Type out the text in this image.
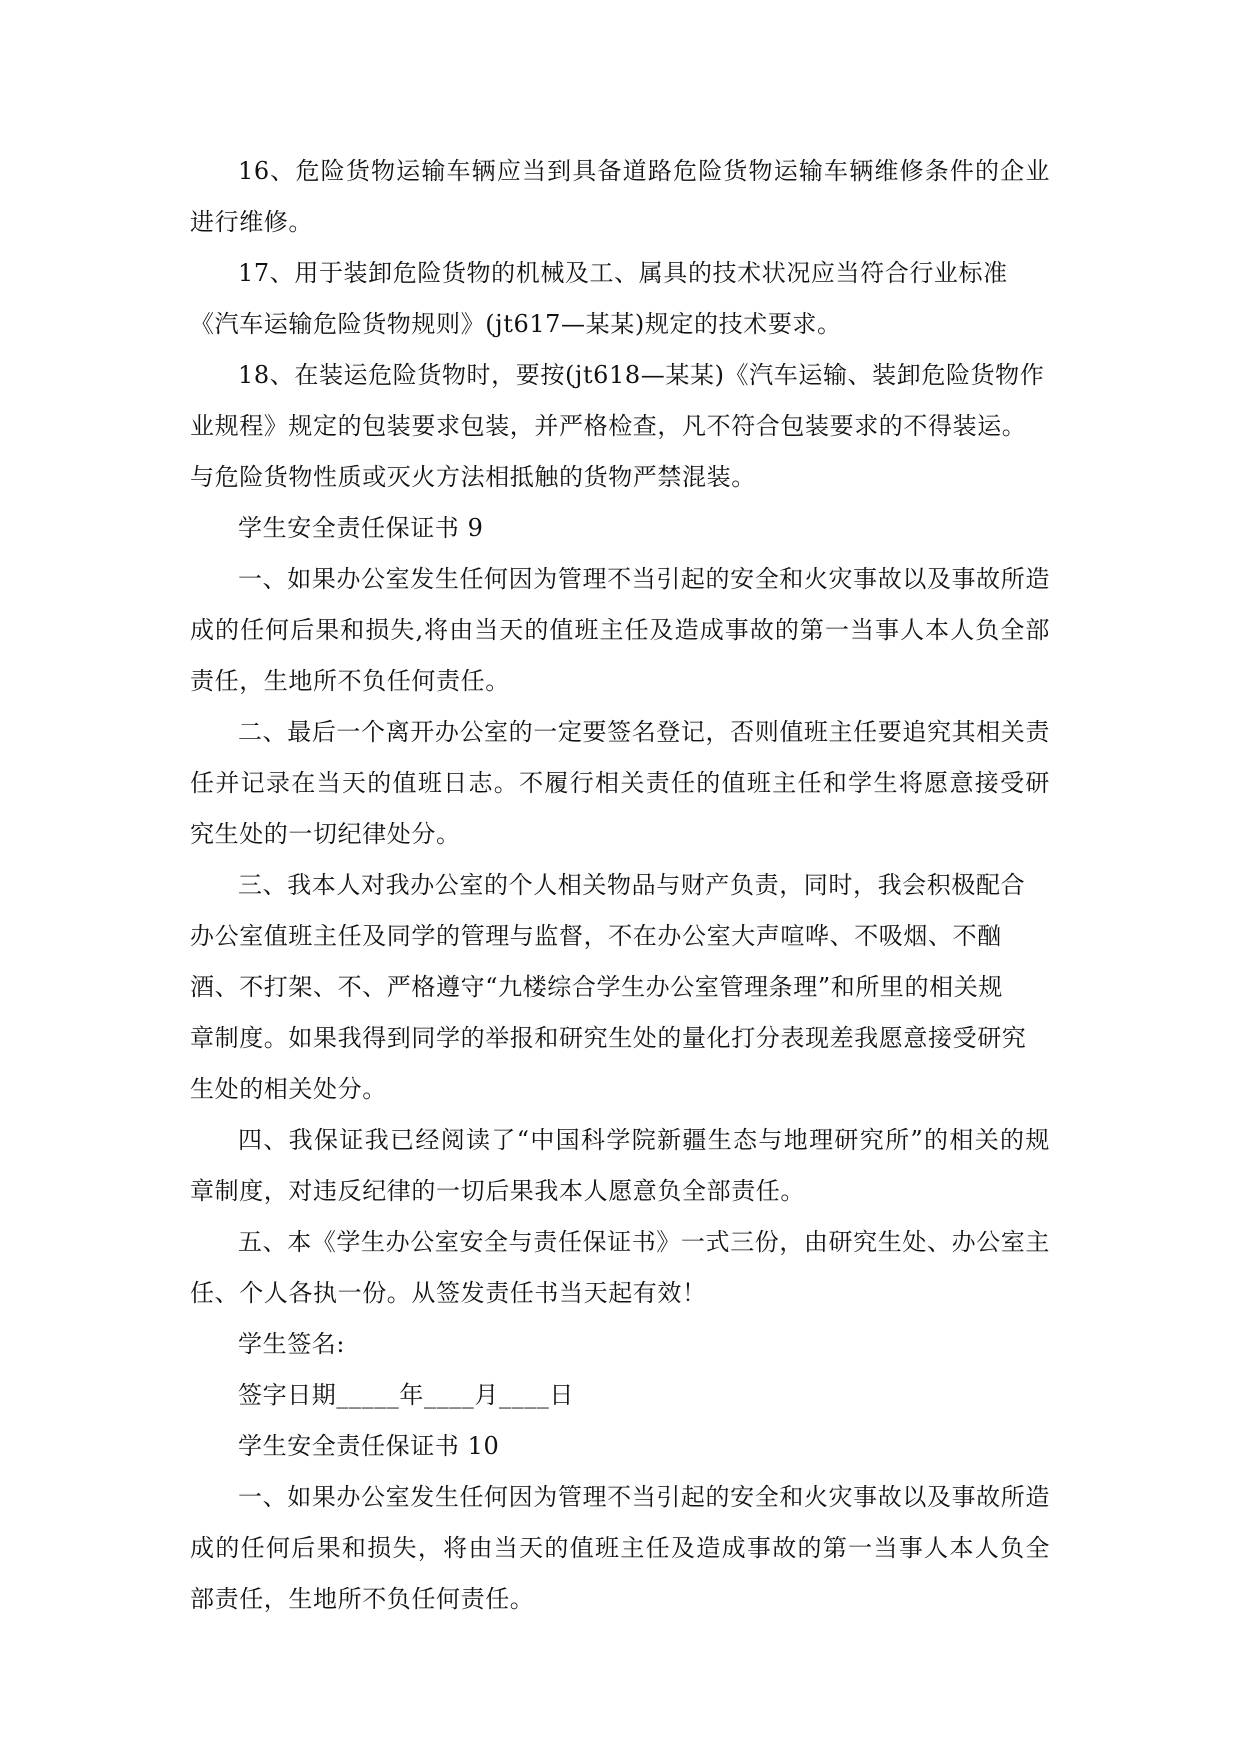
16、危险货物运输车辆应当到具备道路危险货物运输车辆维修条件的企业进行维修。

17、用于装卸危险货物的机械及工、属具的技术状况应当符合行业标准

《汽车运输危险货物规则》(jt617—某某)规定的技术要求。

18、在装运危险货物时，要按(jt618—某某)《汽车运输、装卸危险货物作

业规程》规定的包装要求包装，并严格检查，凡不符合包装要求的不得装运。

与危险货物性质或灭火方法相抵触的货物严禁混装。

学生安全责任保证书 9

一、如果办公室发生任何因为管理不当引起的安全和火灾事故以及事故所造成的任何后果和损失,将由当天的值班主任及造成事故的第一当事人本人负全部责任，生地所不负任何责任。

二、最后一个离开办公室的一定要签名登记，否则值班主任要追究其相关责任并记录在当天的值班日志。不履行相关责任的值班主任和学生将愿意接受研究生处的一切纪律处分。

三、我本人对我办公室的个人相关物品与财产负责，同时，我会积极配合

办公室值班主任及同学的管理与监督，不在办公室大声喧哗、不吸烟、不酗

酒、不打架、不、严格遵守“九楼综合学生办公室管理条理”和所里的相关规

章制度。如果我得到同学的举报和研究生处的量化打分表现差我愿意接受研究

生处的相关处分。

四、我保证我已经阅读了“中国科学院新疆生态与地理研究所”的相关的规章制度，对违反纪律的一切后果我本人愿意负全部责任。

五、本《学生办公室安全与责任保证书》一式三份，由研究生处、办公室主任、个人各执一份。从签发责任书当天起有效！

学生签名:

签字日期_____年____月____日

学生安全责任保证书 10

一、如果办公室发生任何因为管理不当引起的安全和火灾事故以及事故所造成的任何后果和损失，将由当天的值班主任及造成事故的第一当事人本人负全部责任，生地所不负任何责任。
